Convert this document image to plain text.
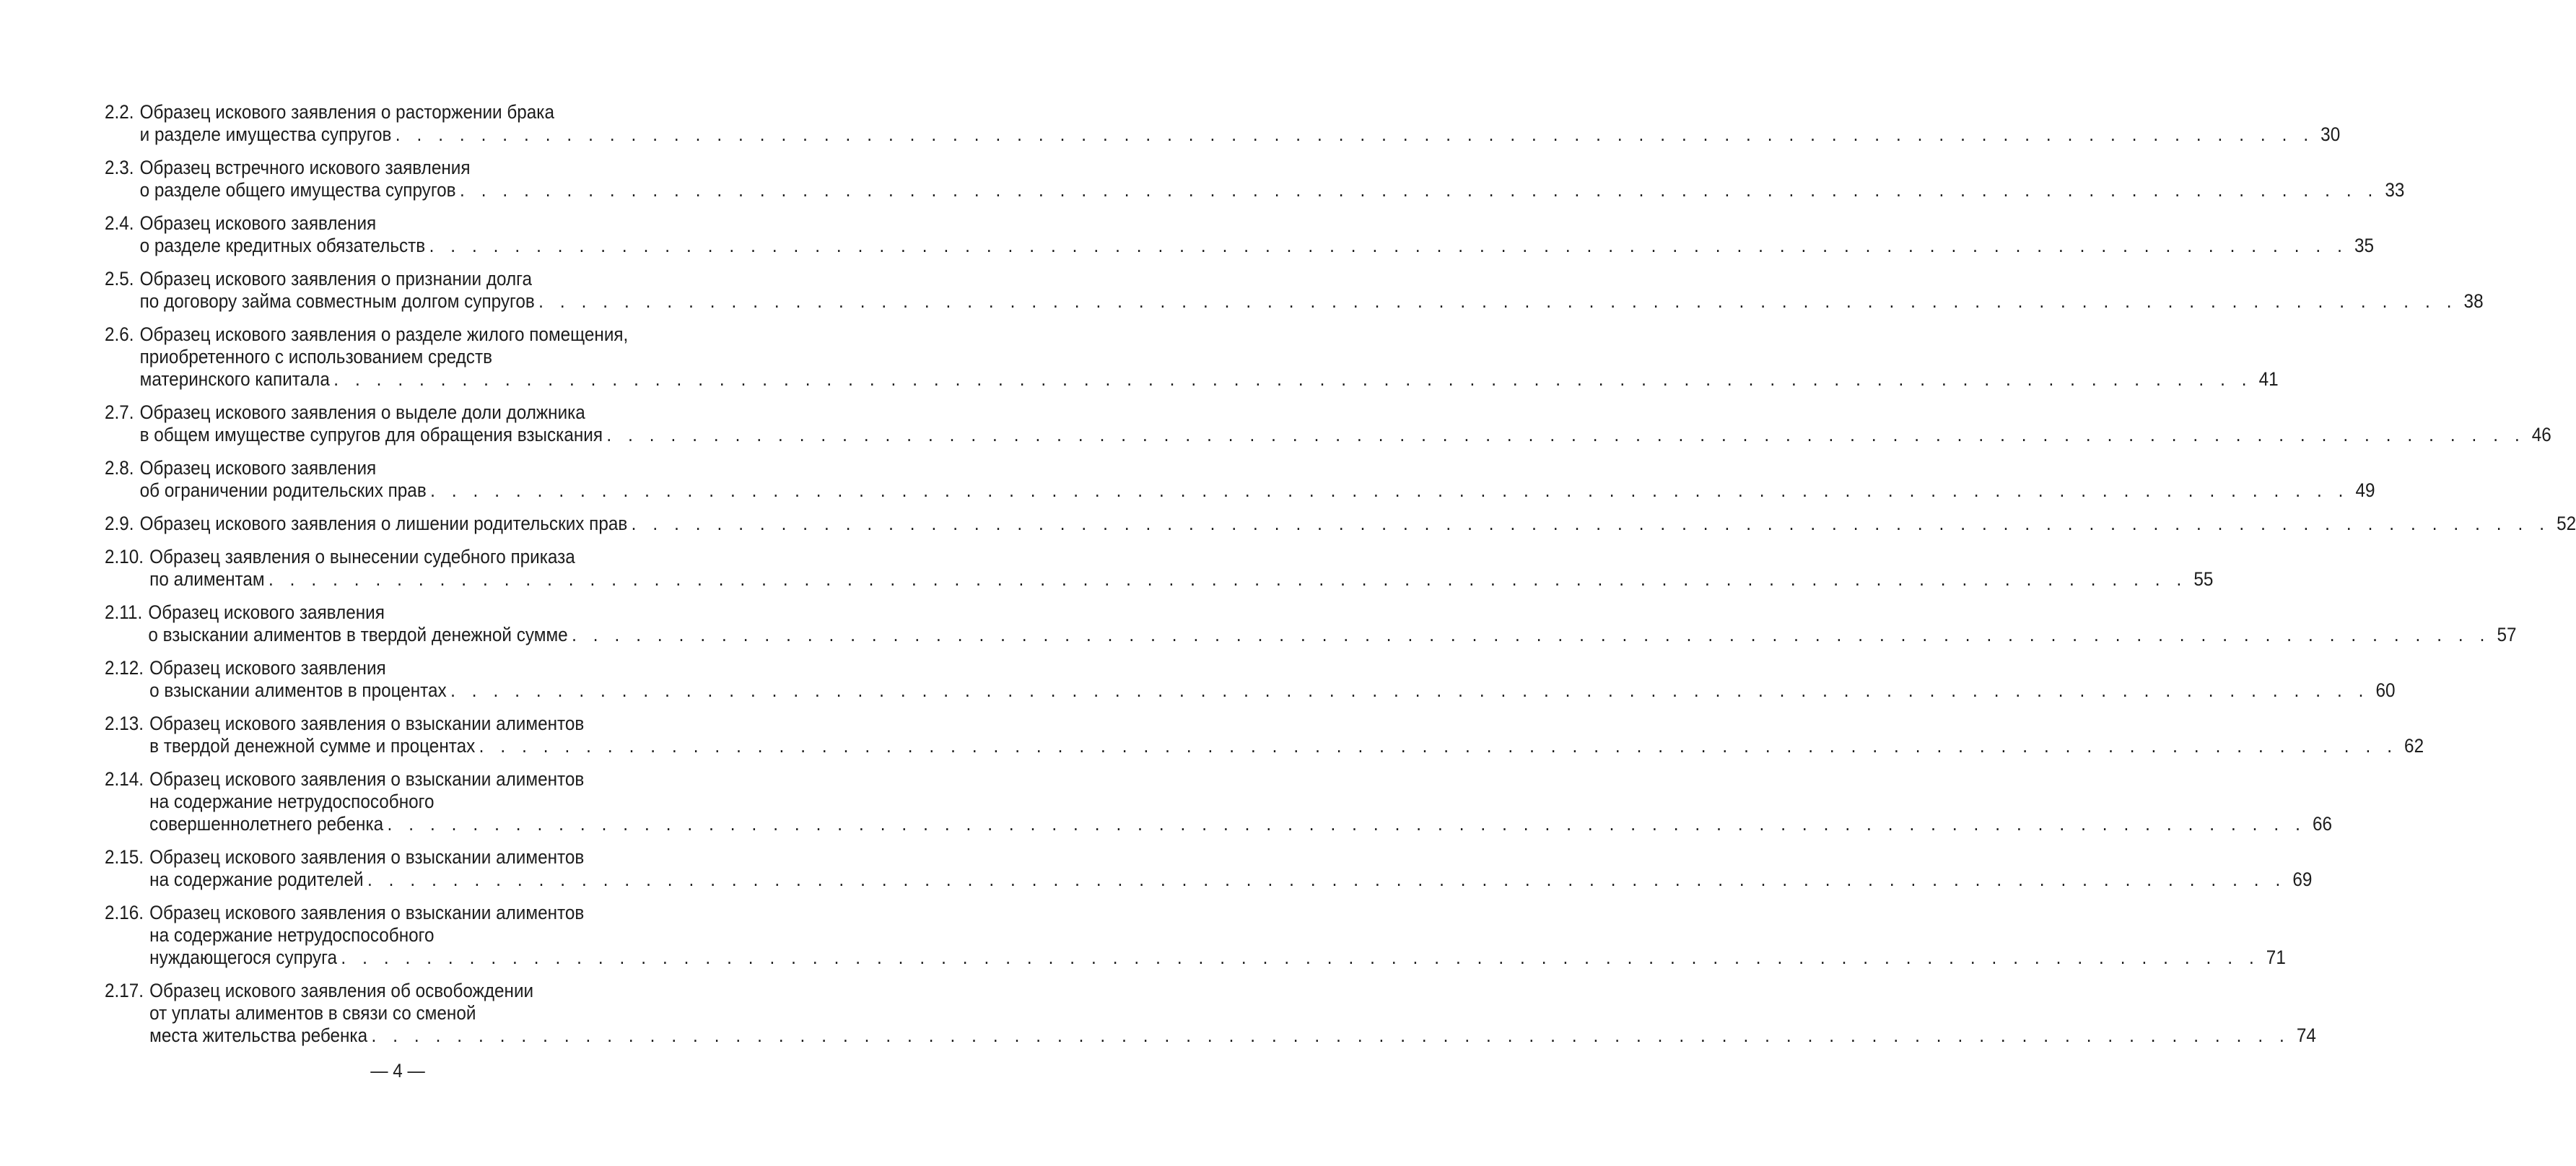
2.2. Образец искового заявления о расторжении брака
и разделе имущества супругов . . . . . . . . . . . . . . . . . . . . . . . . . . . . . . . . . . . . . . . . . . . . . . . . . . . . . . . . . . . . . . . . . . . . . . . . . . . . . . . . . . . . . . . . . . 30
2.3. Образец встречного искового заявления
о разделе общего имущества супругов . . . . . . . . . . . . . . . . . . . . . . . . . . . . . . . . . . . . . . . . . . . . . . . . . . . . . . . . . . . . . . . . . . . . . . . . . . . . . . . . . . . . . . . . . . 33
2.4. Образец искового заявления
о разделе кредитных обязательств . . . . . . . . . . . . . . . . . . . . . . . . . . . . . . . . . . . . . . . . . . . . . . . . . . . . . . . . . . . . . . . . . . . . . . . . . . . . . . . . . . . . . . . . . . 35
2.5. Образец искового заявления о признании долга
по договору займа совместным долгом супругов . . . . . . . . . . . . . . . . . . . . . . . . . . . . . . . . . . . . . . . . . . . . . . . . . . . . . . . . . . . . . . . . . . . . . . . . . . . . . . . . . . . . . . . . . . 38
2.6. Образец искового заявления о разделе жилого помещения,
приобретенного с использованием средств
материнского капитала . . . . . . . . . . . . . . . . . . . . . . . . . . . . . . . . . . . . . . . . . . . . . . . . . . . . . . . . . . . . . . . . . . . . . . . . . . . . . . . . . . . . . . . . . . 41
2.7. Образец искового заявления о выделе доли должника
в общем имуществе супругов для обращения взыскания . . . . . . . . . . . . . . . . . . . . . . . . . . . . . . . . . . . . . . . . . . . . . . . . . . . . . . . . . . . . . . . . . . . . . . . . . . . . . . . . . . . . . . . . . . 46
2.8. Образец искового заявления
об ограничении родительских прав . . . . . . . . . . . . . . . . . . . . . . . . . . . . . . . . . . . . . . . . . . . . . . . . . . . . . . . . . . . . . . . . . . . . . . . . . . . . . . . . . . . . . . . . . . 49
2.9. Образец искового заявления о лишении родительских прав . . . . . . . . . . . . . . . . . . . . . . . . . . . . . . . . . . . . . . . . . . . . . . . . . . . . . . . . . . . . . . . . . . . . . . . . . . . . . . . . . . . . . . . . . . 52
2.10. Образец заявления о вынесении судебного приказа
по алиментам . . . . . . . . . . . . . . . . . . . . . . . . . . . . . . . . . . . . . . . . . . . . . . . . . . . . . . . . . . . . . . . . . . . . . . . . . . . . . . . . . . . . . . . . . . 55
2.11. Образец искового заявления
о взыскании алиментов в твердой денежной сумме . . . . . . . . . . . . . . . . . . . . . . . . . . . . . . . . . . . . . . . . . . . . . . . . . . . . . . . . . . . . . . . . . . . . . . . . . . . . . . . . . . . . . . . . . . 57
2.12. Образец искового заявления
о взыскании алиментов в процентах . . . . . . . . . . . . . . . . . . . . . . . . . . . . . . . . . . . . . . . . . . . . . . . . . . . . . . . . . . . . . . . . . . . . . . . . . . . . . . . . . . . . . . . . . . 60
2.13. Образец искового заявления о взыскании алиментов
в твердой денежной сумме и процентах . . . . . . . . . . . . . . . . . . . . . . . . . . . . . . . . . . . . . . . . . . . . . . . . . . . . . . . . . . . . . . . . . . . . . . . . . . . . . . . . . . . . . . . . . . 62
2.14. Образец искового заявления о взыскании алиментов
на содержание нетрудоспособного
совершеннолетнего ребенка . . . . . . . . . . . . . . . . . . . . . . . . . . . . . . . . . . . . . . . . . . . . . . . . . . . . . . . . . . . . . . . . . . . . . . . . . . . . . . . . . . . . . . . . . . 66
2.15. Образец искового заявления о взыскании алиментов
на содержание родителей . . . . . . . . . . . . . . . . . . . . . . . . . . . . . . . . . . . . . . . . . . . . . . . . . . . . . . . . . . . . . . . . . . . . . . . . . . . . . . . . . . . . . . . . . . 69
2.16. Образец искового заявления о взыскании алиментов
на содержание нетрудоспособного
нуждающегося супруга . . . . . . . . . . . . . . . . . . . . . . . . . . . . . . . . . . . . . . . . . . . . . . . . . . . . . . . . . . . . . . . . . . . . . . . . . . . . . . . . . . . . . . . . . . 71
2.17. Образец искового заявления об освобождении
от уплаты алиментов в связи со сменой
места жительства ребенка . . . . . . . . . . . . . . . . . . . . . . . . . . . . . . . . . . . . . . . . . . . . . . . . . . . . . . . . . . . . . . . . . . . . . . . . . . . . . . . . . . . . . . . . . . 74
— 4 —
